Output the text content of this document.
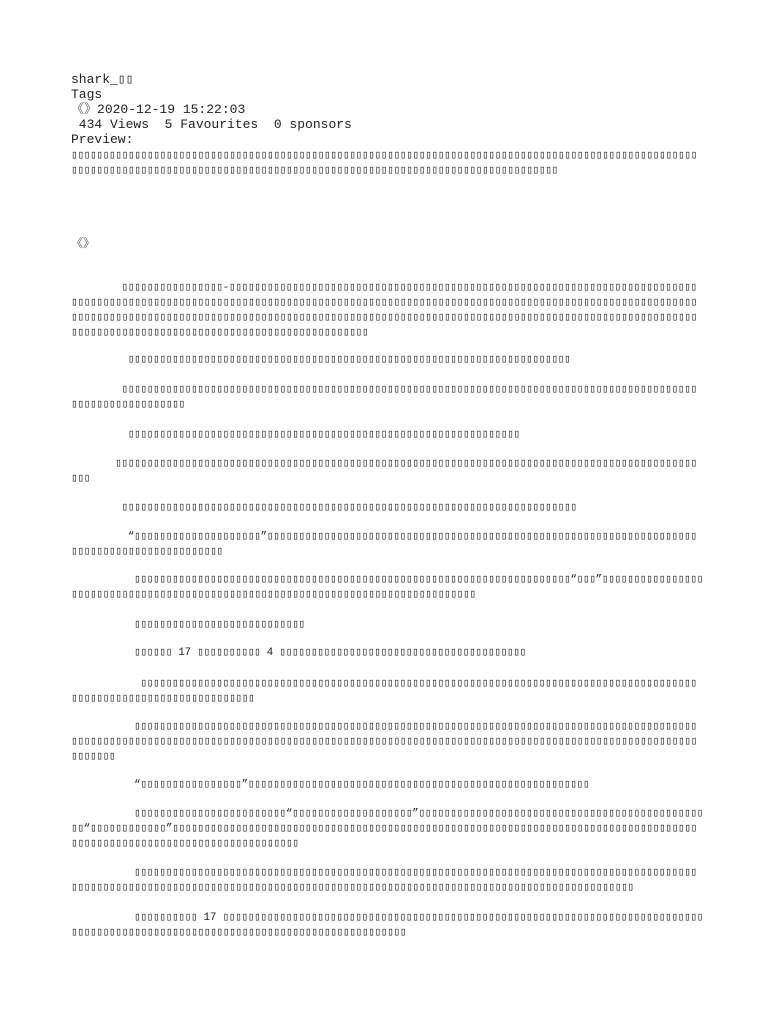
shark_▯▯
Tags
《》2020-12-19 15:22:03
434 Views  5 Favourites  0 sponsors
Preview:
▯▯▯▯▯▯▯▯▯▯▯▯▯▯▯▯▯▯▯▯▯▯▯▯▯▯▯▯▯▯▯▯▯▯▯▯▯▯▯▯▯▯▯▯▯▯▯▯▯▯▯▯▯▯▯▯▯▯▯▯▯▯▯▯▯▯▯▯▯▯▯▯▯▯▯▯▯▯▯▯▯▯▯▯▯▯▯▯▯▯▯▯▯▯▯▯▯▯▯▯▯▯▯▯▯▯▯▯▯▯▯▯▯▯▯▯▯▯▯▯▯▯▯▯▯▯▯▯▯▯▯▯▯▯▯▯▯▯▯▯▯▯▯▯▯▯▯▯▯▯▯▯▯▯▯▯▯▯▯▯▯▯▯▯▯▯▯▯▯▯▯▯▯▯▯▯
《》
▯▯▯▯▯▯▯▯▯▯▯▯▯▯▯▯-▯▯▯▯▯▯▯▯▯▯▯▯▯▯▯▯▯▯▯▯▯▯▯▯▯▯▯▯▯▯▯▯▯▯▯▯▯▯▯▯▯▯▯▯▯▯▯▯▯▯▯▯▯▯▯▯▯▯▯▯▯▯▯▯▯▯▯▯▯▯▯▯▯▯▯▯▯▯▯▯▯▯▯▯▯▯▯▯▯▯▯▯▯▯▯▯▯▯▯▯▯▯▯▯▯▯▯▯▯▯▯▯▯▯▯▯▯▯▯▯▯▯▯▯▯▯▯▯▯▯▯▯▯▯▯▯▯▯▯▯▯▯▯▯▯▯▯▯▯▯▯▯▯▯▯▯▯▯▯▯▯▯▯▯▯▯▯▯▯▯▯▯▯▯▯▯▯▯▯▯▯▯▯▯▯▯▯▯▯▯▯▯▯▯▯▯▯▯▯▯▯▯▯▯▯▯▯▯▯▯▯▯▯▯▯▯▯▯▯▯▯▯▯▯▯▯▯▯▯▯▯▯▯▯▯▯▯▯▯▯▯▯▯▯▯▯▯▯▯▯▯▯▯▯▯▯▯▯▯▯▯▯▯▯▯▯▯▯▯▯▯▯▯▯▯▯▯▯▯▯▯▯▯▯▯▯▯▯▯▯▯▯▯▯▯▯▯▯▯▯▯▯▯▯▯▯▯▯▯▯▯▯▯▯▯▯▯▯▯
▯▯▯▯▯▯▯▯▯▯▯▯▯▯▯▯▯▯▯▯▯▯▯▯▯▯▯▯▯▯▯▯▯▯▯▯▯▯▯▯▯▯▯▯▯▯▯▯▯▯▯▯▯▯▯▯▯▯▯▯▯▯▯▯▯▯▯▯▯▯
▯▯▯▯▯▯▯▯▯▯▯▯▯▯▯▯▯▯▯▯▯▯▯▯▯▯▯▯▯▯▯▯▯▯▯▯▯▯▯▯▯▯▯▯▯▯▯▯▯▯▯▯▯▯▯▯▯▯▯▯▯▯▯▯▯▯▯▯▯▯▯▯▯▯▯▯▯▯▯▯▯▯▯▯▯▯▯▯▯▯▯▯▯▯▯▯▯▯▯▯▯▯▯▯▯▯▯▯▯
▯▯▯▯▯▯▯▯▯▯▯▯▯▯▯▯▯▯▯▯▯▯▯▯▯▯▯▯▯▯▯▯▯▯▯▯▯▯▯▯▯▯▯▯▯▯▯▯▯▯▯▯▯▯▯▯▯▯▯▯▯▯
▯▯▯▯▯▯▯▯▯▯▯▯▯▯▯▯▯▯▯▯▯▯▯▯▯▯▯▯▯▯▯▯▯▯▯▯▯▯▯▯▯▯▯▯▯▯▯▯▯▯▯▯▯▯▯▯▯▯▯▯▯▯▯▯▯▯▯▯▯▯▯▯▯▯▯▯▯▯▯▯▯▯▯▯▯▯▯▯▯▯▯▯▯▯▯
▯▯▯▯▯▯▯▯▯▯▯▯▯▯▯▯▯▯▯▯▯▯▯▯▯▯▯▯▯▯▯▯▯▯▯▯▯▯▯▯▯▯▯▯▯▯▯▯▯▯▯▯▯▯▯▯▯▯▯▯▯▯▯▯▯▯▯▯▯▯▯▯
“▯▯▯▯▯▯▯▯▯▯▯▯▯▯▯▯▯▯▯▯”▯▯▯▯▯▯▯▯▯▯▯▯▯▯▯▯▯▯▯▯▯▯▯▯▯▯▯▯▯▯▯▯▯▯▯▯▯▯▯▯▯▯▯▯▯▯▯▯▯▯▯▯▯▯▯▯▯▯▯▯▯▯▯▯▯▯▯▯▯▯▯▯▯▯▯▯▯▯▯▯▯▯▯▯▯▯▯▯▯▯▯▯
▯▯▯▯▯▯▯▯▯▯▯▯▯▯▯▯▯▯▯▯▯▯▯▯▯▯▯▯▯▯▯▯▯▯▯▯▯▯▯▯▯▯▯▯▯▯▯▯▯▯▯▯▯▯▯▯▯▯▯▯▯▯▯▯▯▯▯▯▯“▯▯▯”▯▯▯▯▯▯▯▯▯▯▯▯▯▯▯▯▯▯▯▯▯▯▯▯▯▯▯▯▯▯▯▯▯▯▯▯▯▯▯▯▯▯▯▯▯▯▯▯▯▯▯▯▯▯▯▯▯▯▯▯▯▯▯▯▯▯▯▯▯▯▯▯▯▯▯▯▯▯▯▯
▯▯▯▯▯▯▯▯▯▯▯▯▯▯▯▯▯▯▯▯▯▯▯▯▯▯▯
▯▯▯▯▯▯ 17 ▯▯▯▯▯▯▯▯▯▯ 4 ▯▯▯▯▯▯▯▯▯▯▯▯▯▯▯▯▯▯▯▯▯▯▯▯▯▯▯▯▯▯▯▯▯▯▯▯▯▯▯
▯▯▯▯▯▯▯▯▯▯▯▯▯▯▯▯▯▯▯▯▯▯▯▯▯▯▯▯▯▯▯▯▯▯▯▯▯▯▯▯▯▯▯▯▯▯▯▯▯▯▯▯▯▯▯▯▯▯▯▯▯▯▯▯▯▯▯▯▯▯▯▯▯▯▯▯▯▯▯▯▯▯▯▯▯▯▯▯▯▯▯▯▯▯▯▯▯▯▯▯▯▯▯▯▯▯▯▯▯▯▯▯▯▯▯▯▯
▯▯▯▯▯▯▯▯▯▯▯▯▯▯▯▯▯▯▯▯▯▯▯▯▯▯▯▯▯▯▯▯▯▯▯▯▯▯▯▯▯▯▯▯▯▯▯▯▯▯▯▯▯▯▯▯▯▯▯▯▯▯▯▯▯▯▯▯▯▯▯▯▯▯▯▯▯▯▯▯▯▯▯▯▯▯▯▯▯▯▯▯▯▯▯▯▯▯▯▯▯▯▯▯▯▯▯▯▯▯▯▯▯▯▯▯▯▯▯▯▯▯▯▯▯▯▯▯▯▯▯▯▯▯▯▯▯▯▯▯▯▯▯▯▯▯▯▯▯▯▯▯▯▯▯▯▯▯▯▯▯▯▯▯▯▯▯▯▯▯▯▯▯▯▯▯▯▯▯▯▯▯▯▯▯▯▯▯▯▯▯▯▯▯▯
“▯▯▯▯▯▯▯▯▯▯▯▯▯▯▯▯”▯▯▯▯▯▯▯▯▯▯▯▯▯▯▯▯▯▯▯▯▯▯▯▯▯▯▯▯▯▯▯▯▯▯▯▯▯▯▯▯▯▯▯▯▯▯▯▯▯▯▯▯▯▯
▯▯▯▯▯▯▯▯▯▯▯▯▯▯▯▯▯▯▯▯▯▯▯▯“▯▯▯▯▯▯▯▯▯▯▯▯▯▯▯▯▯▯▯”▯▯▯▯▯▯▯▯▯▯▯▯▯▯▯▯▯▯▯▯▯▯▯▯▯▯▯▯▯▯▯▯▯▯▯▯▯▯▯▯▯▯▯▯▯▯▯“▯▯▯▯▯▯▯▯▯▯▯▯”▯▯▯▯▯▯▯▯▯▯▯▯▯▯▯▯▯▯▯▯▯▯▯▯▯▯▯▯▯▯▯▯▯▯▯▯▯▯▯▯▯▯▯▯▯▯▯▯▯▯▯▯▯▯▯▯▯▯▯▯▯▯▯▯▯▯▯▯▯▯▯▯▯▯▯▯▯▯▯▯▯▯▯▯▯▯▯▯▯▯▯▯▯▯▯▯▯▯▯▯▯▯▯▯▯▯▯▯▯▯▯▯▯▯▯▯▯▯▯
▯▯▯▯▯▯▯▯▯▯▯▯▯▯▯▯▯▯▯▯▯▯▯▯▯▯▯▯▯▯▯▯▯▯▯▯▯▯▯▯▯▯▯▯▯▯▯▯▯▯▯▯▯▯▯▯▯▯▯▯▯▯▯▯▯▯▯▯▯▯▯▯▯▯▯▯▯▯▯▯▯▯▯▯▯▯▯▯▯▯▯▯▯▯▯▯▯▯▯▯▯▯▯▯▯▯▯▯▯▯▯▯▯▯▯▯▯▯▯▯▯▯▯▯▯▯▯▯▯▯▯▯▯▯▯▯▯▯▯▯▯▯▯▯▯▯▯▯▯▯▯▯▯▯▯▯▯▯▯▯▯▯▯▯▯▯▯▯▯▯▯▯▯▯▯▯▯▯
▯▯▯▯▯▯▯▯▯▯ 17 ▯▯▯▯▯▯▯▯▯▯▯▯▯▯▯▯▯▯▯▯▯▯▯▯▯▯▯▯▯▯▯▯▯▯▯▯▯▯▯▯▯▯▯▯▯▯▯▯▯▯▯▯▯▯▯▯▯▯▯▯▯▯▯▯▯▯▯▯▯▯▯▯▯▯▯▯▯▯▯▯▯▯▯▯▯▯▯▯▯▯▯▯▯▯▯▯▯▯▯▯▯▯▯▯▯▯▯▯▯▯▯▯▯▯▯▯▯▯▯▯▯▯▯▯▯▯▯▯▯
